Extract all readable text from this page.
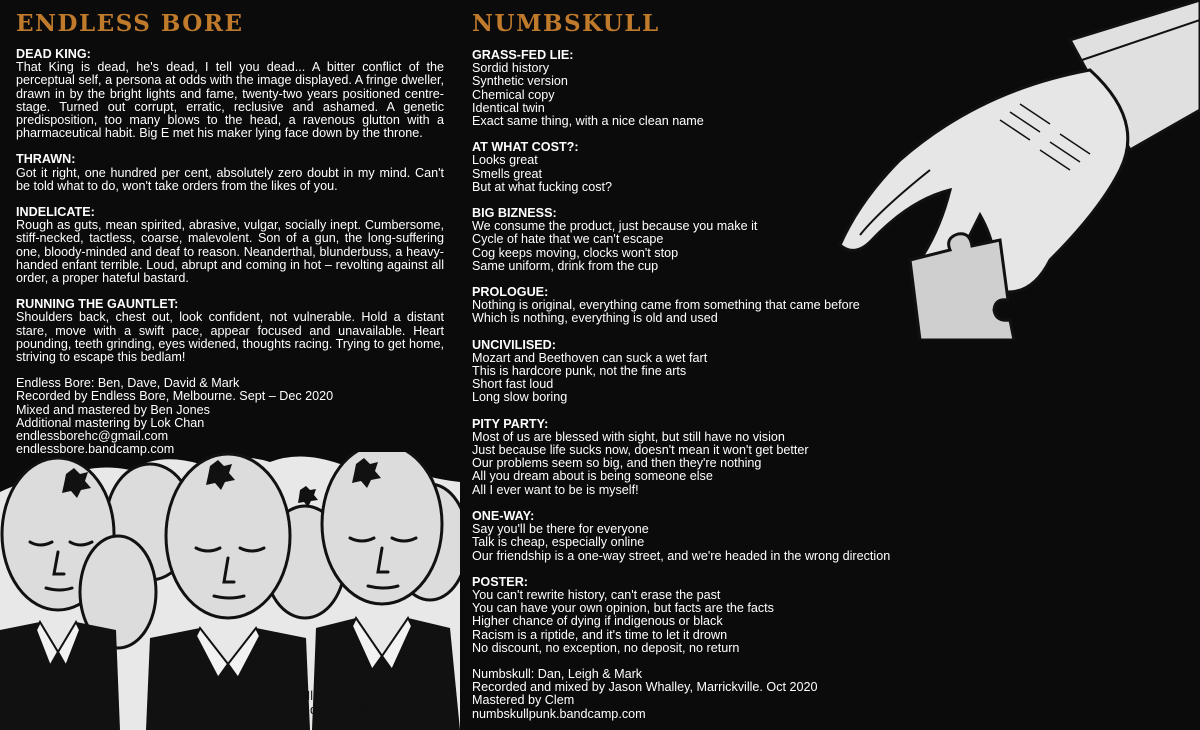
ENDLESS BORE	NUMBSKULL
Illustration by Dan Thrax
danthraxillustration.com
DEAD KING:
That King is dead, he's dead, I tell you dead... A bitter conflict of the perceptual self, a persona at odds with the image displayed. A fringe dweller, drawn in by the bright lights and fame, twenty-two years positioned centre-stage. Turned out corrupt, erratic, reclusive and ashamed. A genetic predisposition, too many blows to the head, a ravenous glutton with a pharmaceutical habit. Big E met his maker lying face down by the throne.
THRAWN:
Got it right, one hundred per cent, absolutely zero doubt in my mind. Can't be told what to do, won't take orders from the likes of you.
INDELICATE:
Rough as guts, mean spirited, abrasive, vulgar, socially inept. Cumbersome, stiff-necked, tactless, coarse, malevolent. Son of a gun, the long-suffering one, bloody-minded and deaf to reason. Neanderthal, blunderbuss, a heavy-handed enfant terrible. Loud, abrupt and coming in hot – revolting against all order, a proper hateful bastard.
RUNNING THE GAUNTLET:
Shoulders back, chest out, look confident, not vulnerable. Hold a distant stare, move with a swift pace, appear focused and unavailable. Heart pounding, teeth grinding, eyes widened, thoughts racing. Trying to get home, striving to escape this bedlam!
Endless Bore: Ben, Dave, David & Mark
Recorded by Endless Bore, Melbourne. Sept – Dec 2020
Mixed and mastered by Ben Jones
Additional mastering by Lok Chan
endlessborehc@gmail.com
endlessbore.bandcamp.com
GRASS-FED LIE:
Sordid history
Synthetic version
Chemical copy
Identical twin
Exact same thing, with a nice clean name
AT WHAT COST?:
Looks great
Smells great
But at what fucking cost?
BIG BIZNESS:
We consume the product, just because you make it
Cycle of hate that we can't escape
Cog keeps moving, clocks won't stop
Same uniform, drink from the cup
PROLOGUE:
Nothing is original, everything came from something that came before
Which is nothing, everything is old and used
UNCIVILISED:
Mozart and Beethoven can suck a wet fart
This is hardcore punk, not the fine arts
Short fast loud
Long slow boring
PITY PARTY:
Most of us are blessed with sight, but still have no vision
Just because life sucks now, doesn't mean it won't get better
Our problems seem so big, and then they're nothing
All you dream about is being someone else
All I ever want to be is myself!
ONE-WAY:
Say you'll be there for everyone
Talk is cheap, especially online
Our friendship is a one-way street, and we're headed in the wrong direction
POSTER:
You can't rewrite history, can't erase the past
You can have your own opinion, but facts are the facts
Higher chance of dying if indigenous or black
Racism is a riptide, and it's time to let it drown
No discount, no exception, no deposit, no return
Numbskull: Dan, Leigh & Mark
Recorded and mixed by Jason Whalley, Marrickville. Oct 2020
Mastered by Clem
numbskullpunk.bandcamp.com
